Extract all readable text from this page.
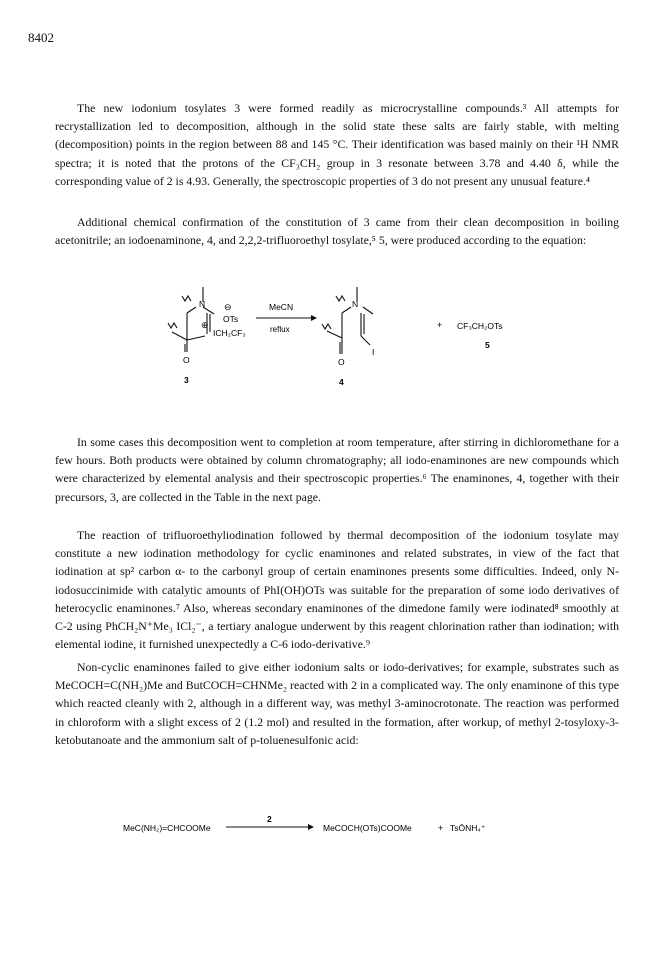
8402

The new iodonium tosylates 3 were formed readily as microcrystalline compounds.³ All attempts for recrystallization led to decomposition, although in the solid state these salts are fairly stable, with melting (decomposition) points in the region between 88 and 145 °C. Their identification was based mainly on their ¹H NMR spectra; it is noted that the protons of the CF₃CH₂ group in 3 resonate between 3.78 and 4.40 δ, while the corresponding value of 2 is 4.93. Generally, the spectroscopic properties of 3 do not present any unusual feature.⁴

Additional chemical confirmation of the constitution of 3 came from their clean decomposition in boiling acetonitrile; an iodoenaminone, 4, and 2,2,2-trifluoroethyl tosylate,⁵ 5, were produced according to the equation:

N ⊖
OTs
⊕
ICH₂CF₃
O
3
MeCN
reflux
N
I
O
4
+ CF₃CH₂OTs
5

In some cases this decomposition went to completion at room temperature, after stirring in dichloromethane for a few hours. Both products were obtained by column chromatography; all iodo-enaminones are new compounds which were characterized by elemental analysis and their spectroscopic properties.⁶ The enaminones, 4, together with their precursors, 3, are collected in the Table in the next page.

The reaction of trifluoroethyliodination followed by thermal decomposition of the iodonium tosylate may constitute a new iodination methodology for cyclic enaminones and related substrates, in view of the fact that iodination at sp² carbon α- to the carbonyl group of certain enaminones presents some difficulties. Indeed, only N-iodosuccinimide with catalytic amounts of PhI(OH)OTs was suitable for the preparation of some iodo derivatives of heterocyclic enaminones.⁷ Also, whereas secondary enaminones of the dimedone family were iodinated⁸ smoothly at C-2 using PhCH₂N⁺Me₃ ICl₂⁻, a tertiary analogue underwent by this reagent chlorination rather than iodination; with elemental iodine, it furnished unexpectedly a C-6 iodo-derivative.⁹

Non-cyclic enaminones failed to give either iodonium salts or iodo-derivatives; for example, substrates such as MeCOCH=C(NH₂)Me and ButCOCH=CHNMe₂ reacted with 2 in a complicated way. The only enaminone of this type which reacted cleanly with 2, although in a different way, was methyl 3-aminocrotonate. The reaction was performed in chloroform with a slight excess of 2 (1.2 mol) and resulted in the formation, after workup, of methyl 2-tosyloxy-3-ketobutanoate and the ammonium salt of p-toluenesulfonic acid:

MeC(NH₂)=CHCOOMe
2
MeCOCH(OTs)COOMe	+ TsŌNH₄⁺
